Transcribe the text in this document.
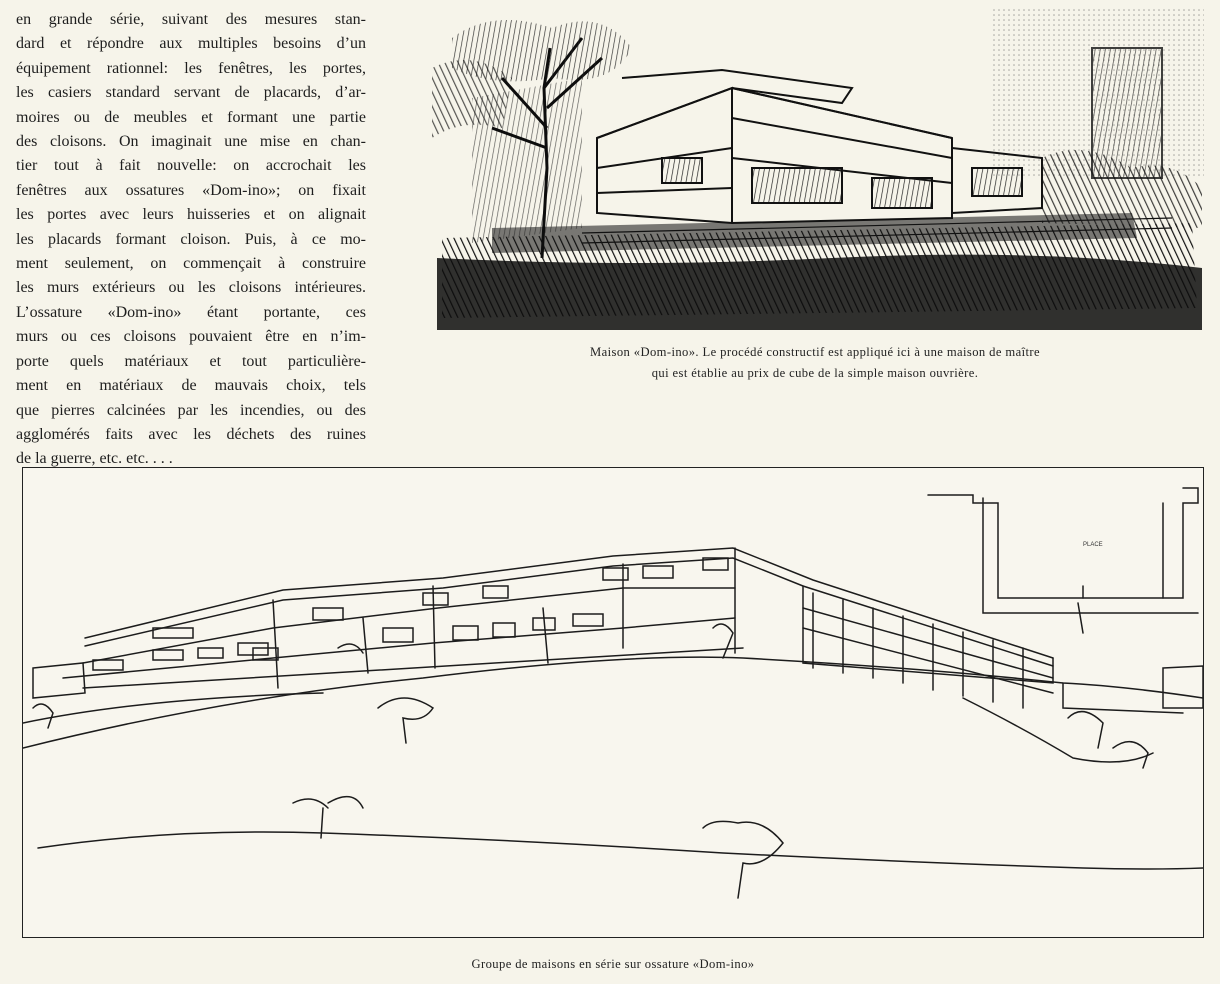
en grande série, suivant des mesures stan-
dard et répondre aux multiples besoins d’un
équipement rationnel: les fenêtres, les portes,
les casiers standard servant de placards, d’ar-
moires ou de meubles et formant une partie
des cloisons. On imaginait une mise en chan-
tier tout à fait nouvelle: on accrochait les
fenêtres aux ossatures «Dom-ino»; on fixait
les portes avec leurs huisseries et on alignait
les placards formant cloison. Puis, à ce mo-
ment seulement, on commençait à construire
les murs extérieurs ou les cloisons intérieures.
L’ossature «Dom-ino» étant portante, ces
murs ou ces cloisons pouvaient être en n’im-
porte quels matériaux et tout particulière-
ment en matériaux de mauvais choix, tels
que pierres calcinées par les incendies, ou des
agglomérés faits avec les déchets des ruines
de la guerre, etc. etc. . . .
Maison «Dom-ino». Le procédé constructif est appliqué ici à une maison de maître
qui est établie au prix de cube de la simple maison ouvrière.
PLACE
Groupe de maisons en série sur ossature «Dom-ino»
